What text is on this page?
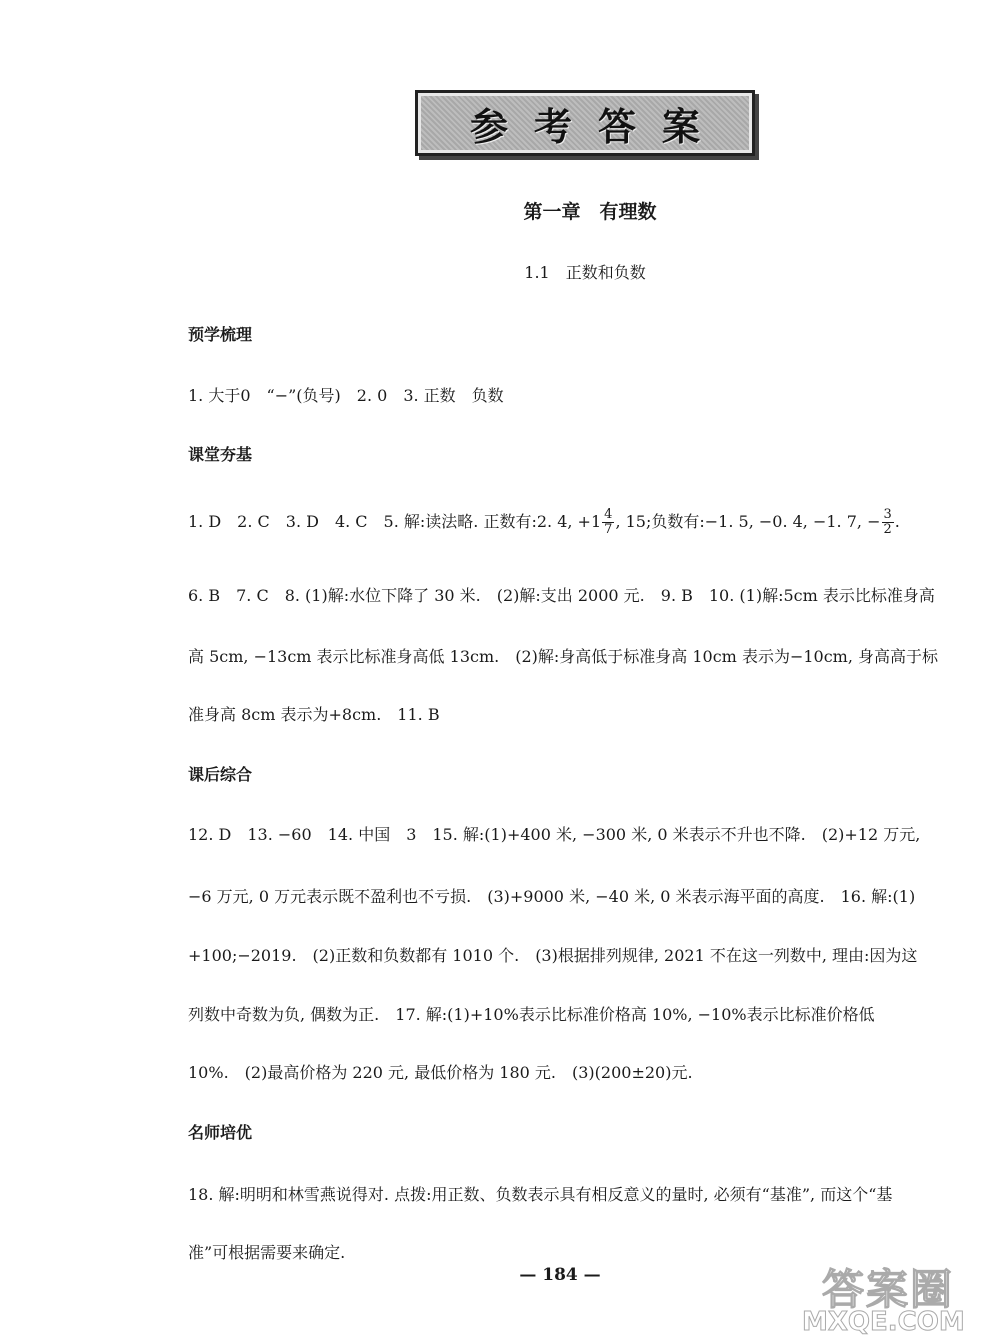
参考答案
第一章　有理数
1.1　正数和负数
预学梳理
1. 大于0　“−”(负号)　2. 0　3. 正数　负数
课堂夯基
1. D　2. C　3. D　4. C　5. 解:读法略. 正数有:2. 4, $+1 \frac{4}{7}$ , 15;负数有:−1. 5, −0. 4, −1. 7, − $\frac{3}{2}$ .
6. B　7. C　8. (1)解:水位下降了 30 米.　(2)解:支出 2000 元.　9. B　10. (1)解:5cm 表示比标准身高
高 5cm, −13cm 表示比标准身高低 13cm.　(2)解:身高低于标准身高 10cm 表示为−10cm, 身高高于标
准身高 8cm 表示为+8cm.　11. B
课后综合
12. D　13. −60　14. 中国　3　15. 解:(1)+400 米, −300 米, 0 米表示不升也不降.　(2)+12 万元,
−6 万元, 0 万元表示既不盈利也不亏损.　(3)+9000 米, −40 米, 0 米表示海平面的高度.　16. 解:(1)
+100;−2019.　(2)正数和负数都有 1010 个.　(3)根据排列规律, 2021 不在这一列数中, 理由:因为这
列数中奇数为负, 偶数为正.　17. 解:(1)+10%表示比标准价格高 10%, −10%表示比标准价格低
10%.　(2)最高价格为 220 元, 最低价格为 180 元.　(3)(200±20)元.
名师培优
18. 解:明明和林雪燕说得对. 点拨:用正数、负数表示具有相反意义的量时, 必须有“基准”, 而这个“基
准”可根据需要来确定.
— 184 —	答案圈
MXQE.COM
